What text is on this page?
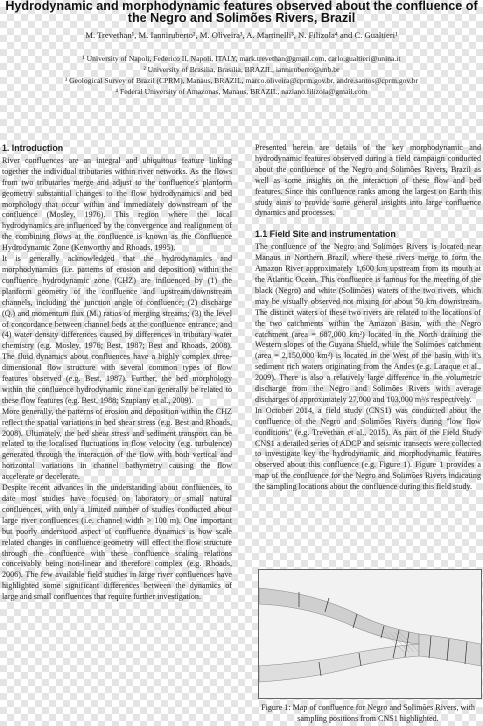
Hydrodynamic and morphodynamic features observed about the confluence of
the Negro and Solimões Rivers, Brazil
M. Trevethan¹, M. Ianniruberto², M. Oliveira³, A. Martinelli³, N. Filizola⁴ and C. Gualtieri¹
¹ University of Napoli, Federico II, Napoli, ITALY, mark.trevethan@gmail.com, carlo.gualtieri@unina.it
² University of Brasilia, Brasilia, BRAZIL, ianniruberto@unb.br
³ Geological Survey of Brazil (CPRM), Manaus, BRAZIL, marco.oliveira@cprm.gov.br, andre.santos@cprm.gov.br
⁴ Federal University of Amazonas, Manaus, BRAZIL, naziano.filizola@gmail.com
1. Introduction

River confluences are an integral and ubiquitous feature linking together the individual tributaries within river networks. As the flows from two tributaries merge and adjust to the confluence's planform geometry substantial changes to the flow hydrodynamics and bed morphology that occur within and immediately downstream of the confluence (Mosley, 1976). This region where the local hydrodynamics are influenced by the convergence and realignment of the combining flows at the confluence is known as the Confluence Hydrodynamic Zone (Kenworthy and Rhoads, 1995).

It is generally acknowledged that the hydrodynamics and morphodynamics (i.e. patterns of erosion and deposition) within the confluence hydrodynamic zone (CHZ) are influenced by (1) the planform geometry of the confluence and upstream/downstream channels, including the junction angle of confluence; (2) discharge (Qᵣ) and momentum flux (Mᵣ) ratios of merging streams; (3) the level of concordance between channel beds at the confluence entrance; and (4) water density differences caused by differences in tributary water chemistry (e.g. Mosley, 1976; Best, 1987; Best and Rhoads, 2008). The fluid dynamics about confluences have a highly complex three-dimensional flow structure with several common types of flow features observed (e.g. Best, 1987). Further, the bed morphology within the confluence hydrodynamic zone can generally be related to these flow features (e.g. Best, 1988; Szupiany et al., 2009).

More generally, the patterns of erosion and deposition within the CHZ reflect the spatial variations in bed shear stress (e.g. Best and Rhoads, 2008). Ultimately, the bed shear stress and sediment transport can be related to the localised fluctuations in flow velocity (e.g. turbulence) generated through the interaction of the flow with both vertical and horizontal variations in channel bathymetry causing the flow accelerate or decelerate.

Despite recent advances in the understanding about confluences, to date most studies have focused on laboratory or small natural confluences, with only a limited number of studies conducted about large river confluences (i.e. channel width > 100 m). One important but poorly understood aspect of confluence dynamics is how scale related changes in confluence geometry will effect the flow structure through the confluence with these confluence scaling relations conceivably being non-linear and therefore complex (e.g. Rhoads, 2006). The few available field studies in large river confluences have highlighted some significant differences between the dynamics of large and small confluences that require further investigation.

Presented herein are details of the key morphodynamic and hydrodynamic features observed during a field campaign conducted about the confluence of the Negro and Solimões Rivers, Brazil as well as some insights on the interaction of these flow and bed features. Since this confluence ranks among the largest on Earth this study aims to provide some general insights into large confluence dynamics and processes.

1.1 Field Site and instrumentation

The confluence of the Negro and Solimões Rivers is located near Manaus in Northern Brazil, where these rivers merge to form the Amazon River approximately 1,600 km upstream from its mouth at the Atlantic Ocean. This confluence is famous for the meeting of the black (Negro) and white (Solimões) waters of the two rivers, which may be visually observed not mixing for about 50 km downstream. The distinct waters of these two rivers are related to the locations of the two catchments within the Amazon Basin, with the Negro catchment (area = 687,000 km²) located in the North draining the Western slopes of the Guyana Shield, while the Solimões catchment (area = 2,150,000 km²) is located in the West of the basin with it's sediment rich waters originating from the Andes (e.g. Laraque et al., 2009). There is also a relatively large difference in the volumetric discharge from the Negro and Solimões Rivers with average discharges of approximately 27,000 and 103,000 m³/s respectively.

In October 2014, a field study (CNS1) was conducted about the confluence of the Negro and Solimões Rivers during "low flow conditions" (e.g. Trevethan et al., 2015). As part of the Field Study CNS1 a detailed series of ADCP and seismic transects were collected to investigate key the hydrodynamic and morphodynamic features observed about this confluence (e.g. Figure 1). Figure 1 provides a map of the confluence for the Negro and Solimões Rivers indicating the sampling locations about the confluence during this field study.

Figure 1: Map of confluence for Negro and Solimões Rivers, with sampling positions from CNS1 highlighted.
